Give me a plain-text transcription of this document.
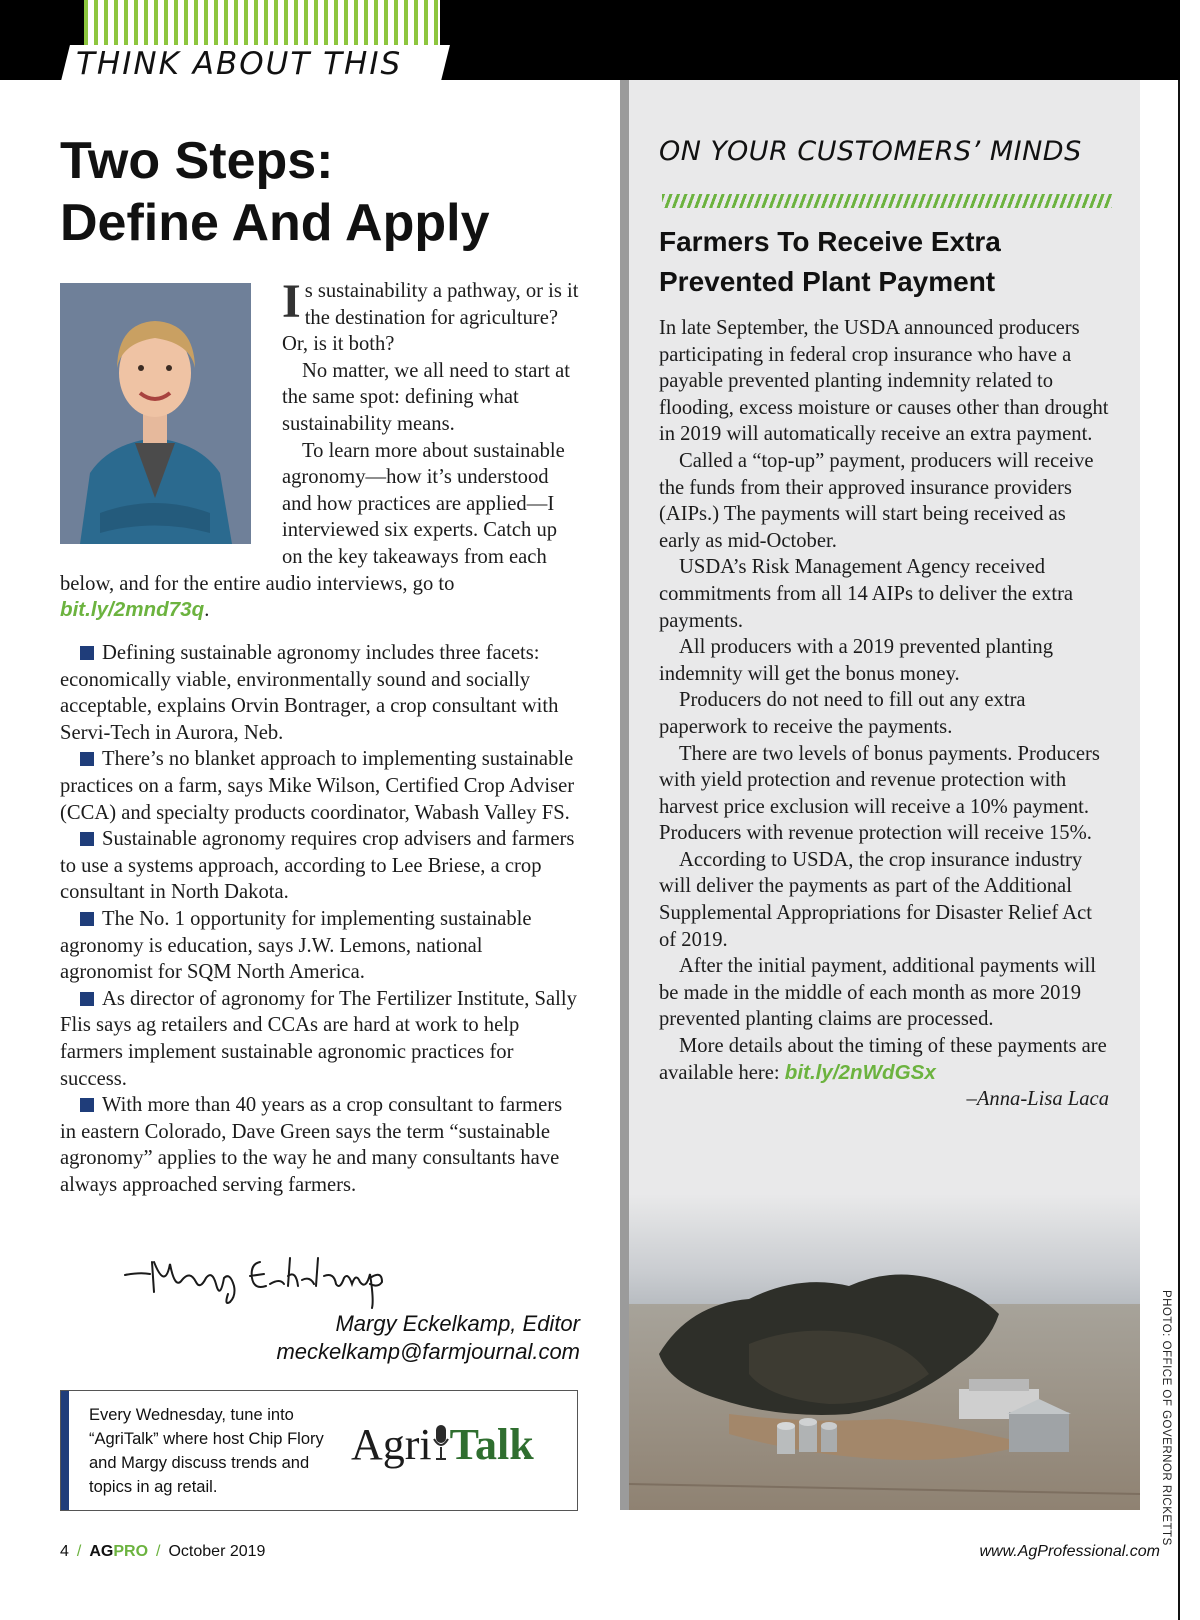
THINK ABOUT THIS
Two Steps:
Define And Apply

Is sustainability a pathway, or is it the destination for agriculture? Or, is it both?

No matter, we all need to start at the same spot: defining what sustainability means.

To learn more about sustainable agronomy—how it’s understood and how practices are applied—I interviewed six experts. Catch up on the key takeaways from each below, and for the entire audio interviews, go to bit.ly/2mnd73q.

Defining sustainable agronomy includes three facets: economically viable, environmentally sound and socially acceptable, explains Orvin Bontrager, a crop consultant with Servi-Tech in Aurora, Neb.
There’s no blanket approach to implementing sustainable practices on a farm, says Mike Wilson, Certified Crop Adviser (CCA) and specialty products coordinator, Wabash Valley FS.
Sustainable agronomy requires crop advisers and farmers to use a systems approach, according to Lee Briese, a crop consultant in North Dakota.
The No. 1 opportunity for implementing sustainable agronomy is education, says J.W. Lemons, national agronomist for SQM North America.
As director of agronomy for The Fertilizer Institute, Sally Flis says ag retailers and CCAs are hard at work to help farmers implement sustainable agronomic practices for success.
With more than 40 years as a crop consultant to farmers in eastern Colorado, Dave Green says the term “sustainable agronomy” applies to the way he and many consultants have always approached serving farmers.
Margy Eckelkamp, Editor
meckelkamp@farmjournal.com
Every Wednesday, tune into “AgriTalk” where host Chip Flory and Margy discuss trends and topics in ag retail.
Agri Talk
ON YOUR CUSTOMERS’ MINDS
Farmers To Receive Extra Prevented Plant Payment

In late September, the USDA announced producers participating in federal crop insurance who have a payable prevented planting indemnity related to flooding, excess moisture or causes other than drought in 2019 will automatically receive an extra payment.

Called a “top-up” payment, producers will receive the funds from their approved insurance providers (AIPs.) The payments will start being received as early as mid-October.

USDA’s Risk Management Agency received commitments from all 14 AIPs to deliver the extra payments.

All producers with a 2019 prevented planting indemnity will get the bonus money.

Producers do not need to fill out any extra paperwork to receive the payments.

There are two levels of bonus payments. Producers with yield protection and revenue protection with harvest price exclusion will receive a 10% payment. Producers with revenue protection will receive 15%.

According to USDA, the crop insurance industry will deliver the payments as part of the Additional Supplemental Appropriations for Disaster Relief Act of 2019.

After the initial payment, additional payments will be made in the middle of each month as more 2019 prevented planting claims are processed.

More details about the timing of these payments are available here: bit.ly/2nWdGSx

–Anna-Lisa Laca
PHOTO: OFFICE OF GOVERNOR RICKETTS
4 / AGPRO / October 2019	www.AgProfessional.com
